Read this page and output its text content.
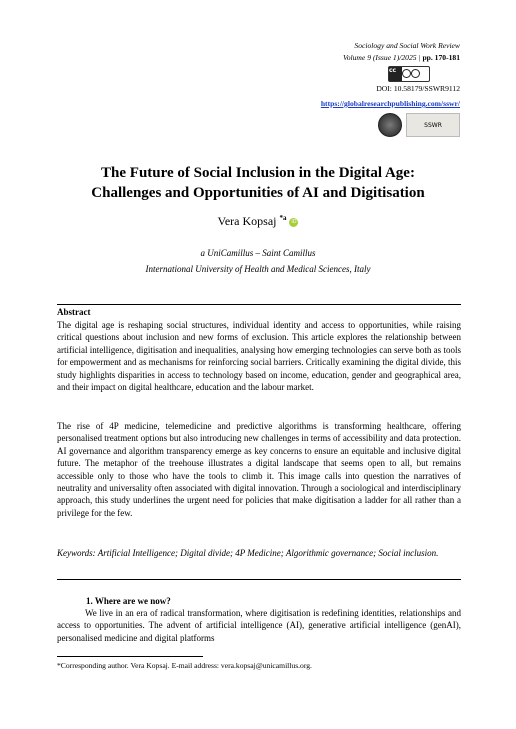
Sociology and Social Work Review
Volume 9 (Issue 1)/2025 | pp. 170-181
cc
DOI: 10.58179/SSWR9112
https://globalresearchpublishing.com/sswr/
SSWR
The Future of Social Inclusion in the Digital Age:
Challenges and Opportunities of AI and Digitisation
Vera Kopsaj $^{*a}$ iD
a UniCamillus – Saint Camillus
International University of Health and Medical Sciences, Italy
Abstract
The digital age is reshaping social structures, individual identity and access to opportunities, while raising critical questions about inclusion and new forms of exclusion. This article explores the relationship between artificial intelligence, digitisation and inequalities, analysing how emerging technologies can serve both as tools for empowerment and as mechanisms for reinforcing social barriers. Critically examining the digital divide, this study highlights disparities in access to technology based on income, education, gender and geographical area, and their impact on digital healthcare, education and the labour market.
The rise of 4P medicine, telemedicine and predictive algorithms is transforming healthcare, offering personalised treatment options but also introducing new challenges in terms of accessibility and data protection. AI governance and algorithm transparency emerge as key concerns to ensure an equitable and inclusive digital future. The metaphor of the treehouse illustrates a digital landscape that seems open to all, but remains accessible only to those who have the tools to climb it. This image calls into question the narratives of neutrality and universality often associated with digital innovation. Through a sociological and interdisciplinary approach, this study underlines the urgent need for policies that make digitisation a ladder for all rather than a privilege for the few.
Keywords: Artificial Intelligence; Digital divide; 4P Medicine; Algorithmic governance; Social inclusion.
1. Where are we now?
We live in an era of radical transformation, where digitisation is redefining identities, relationships and access to opportunities. The advent of artificial intelligence (AI), generative artificial intelligence (genAI), personalised medicine and digital platforms
*Corresponding author. Vera Kopsaj. E-mail address: vera.kopsaj@unicamillus.org.
